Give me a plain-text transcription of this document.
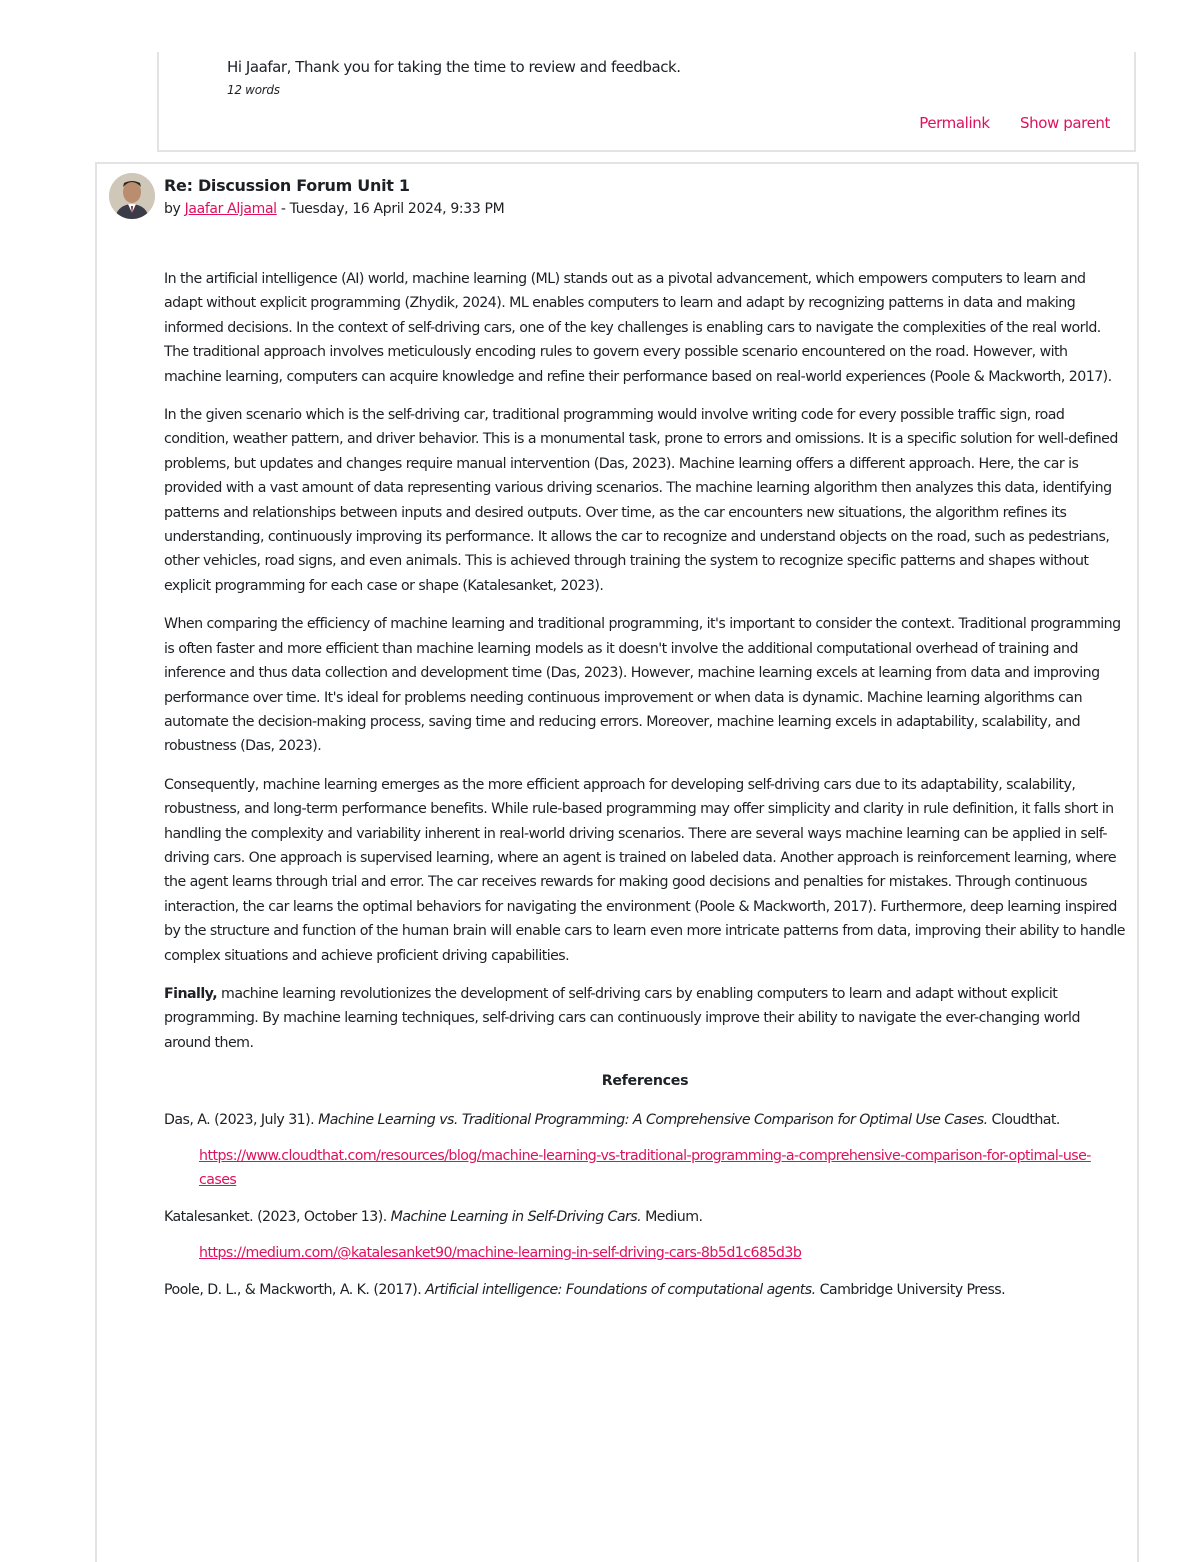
Hi Jaafar, Thank you for taking the time to review and feedback.
12 words
Permalink Show parent
Re: Discussion Forum Unit 1
by Jaafar Aljamal - Tuesday, 16 April 2024, 9:33 PM

In the artificial intelligence (AI) world, machine learning (ML) stands out as a pivotal advancement, which empowers computers to learn and adapt without explicit programming (Zhydik, 2024). ML enables computers to learn and adapt by recognizing patterns in data and making informed decisions. In the context of self-driving cars, one of the key challenges is enabling cars to navigate the complexities of the real world. The traditional approach involves meticulously encoding rules to govern every possible scenario encountered on the road. However, with machine learning, computers can acquire knowledge and refine their performance based on real-world experiences (Poole & Mackworth, 2017).

In the given scenario which is the self-driving car, traditional programming would involve writing code for every possible traffic sign, road condition, weather pattern, and driver behavior. This is a monumental task, prone to errors and omissions. It is a specific solution for well-defined problems, but updates and changes require manual intervention (Das, 2023). Machine learning offers a different approach. Here, the car is provided with a vast amount of data representing various driving scenarios. The machine learning algorithm then analyzes this data, identifying patterns and relationships between inputs and desired outputs. Over time, as the car encounters new situations, the algorithm refines its understanding, continuously improving its performance. It allows the car to recognize and understand objects on the road, such as pedestrians, other vehicles, road signs, and even animals. This is achieved through training the system to recognize specific patterns and shapes without explicit programming for each case or shape (Katalesanket, 2023).

When comparing the efficiency of machine learning and traditional programming, it's important to consider the context. Traditional programming is often faster and more efficient than machine learning models as it doesn't involve the additional computational overhead of training and inference and thus data collection and development time (Das, 2023). However, machine learning excels at learning from data and improving performance over time. It's ideal for problems needing continuous improvement or when data is dynamic. Machine learning algorithms can automate the decision-making process, saving time and reducing errors. Moreover, machine learning excels in adaptability, scalability, and robustness (Das, 2023).

Consequently, machine learning emerges as the more efficient approach for developing self-driving cars due to its adaptability, scalability, robustness, and long-term performance benefits. While rule-based programming may offer simplicity and clarity in rule definition, it falls short in handling the complexity and variability inherent in real-world driving scenarios. There are several ways machine learning can be applied in self-driving cars. One approach is supervised learning, where an agent is trained on labeled data. Another approach is reinforcement learning, where the agent learns through trial and error. The car receives rewards for making good decisions and penalties for mistakes. Through continuous interaction, the car learns the optimal behaviors for navigating the environment (Poole & Mackworth, 2017). Furthermore, deep learning inspired by the structure and function of the human brain will enable cars to learn even more intricate patterns from data, improving their ability to handle complex situations and achieve proficient driving capabilities.

Finally, machine learning revolutionizes the development of self-driving cars by enabling computers to learn and adapt without explicit programming. By machine learning techniques, self-driving cars can continuously improve their ability to navigate the ever-changing world around them.

References

Das, A. (2023, July 31). Machine Learning vs. Traditional Programming: A Comprehensive Comparison for Optimal Use Cases. Cloudthat.
https://www.cloudthat.com/resources/blog/machine-learning-vs-traditional-programming-a-comprehensive-comparison-for-optimal-use-cases
Katalesanket. (2023, October 13). Machine Learning in Self-Driving Cars. Medium.
https://medium.com/@katalesanket90/machine-learning-in-self-driving-cars-8b5d1c685d3b
Poole, D. L., & Mackworth, A. K. (2017). Artificial intelligence: Foundations of computational agents. Cambridge University Press.
